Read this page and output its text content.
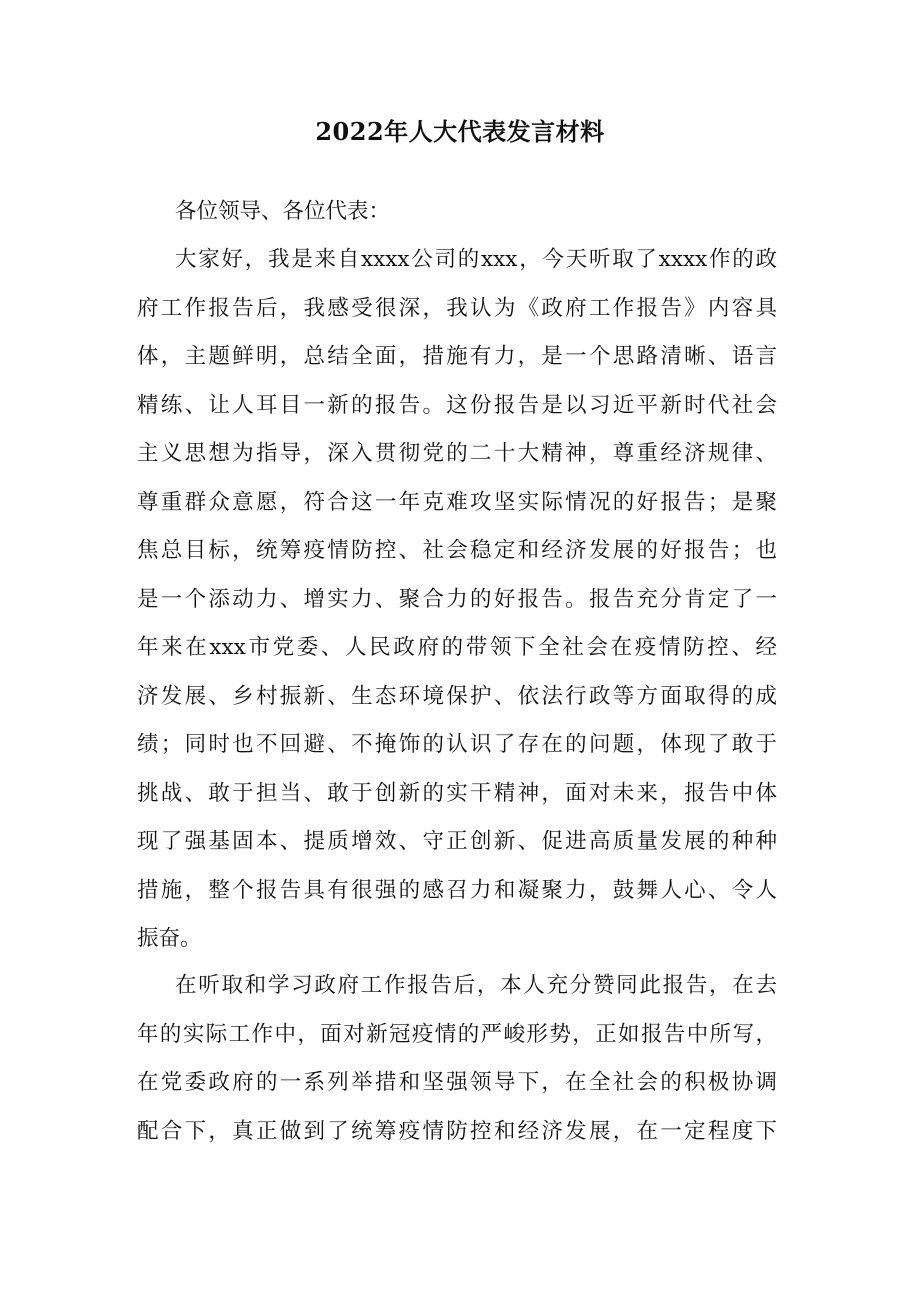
2022年人大代表发言材料
各位领导、各位代表：
大家好，我是来自xxxx公司的xxx，今天听取了xxxx作的政
府工作报告后，我感受很深，我认为《政府工作报告》内容具
体，主题鲜明，总结全面，措施有力，是一个思路清晰、语言
精练、让人耳目一新的报告。这份报告是以习近平新时代社会
主义思想为指导，深入贯彻党的二十大精神，尊重经济规律、
尊重群众意愿，符合这一年克难攻坚实际情况的好报告；是聚
焦总目标，统筹疫情防控、社会稳定和经济发展的好报告；也
是一个添动力、增实力、聚合力的好报告。报告充分肯定了一
年来在xxx市党委、人民政府的带领下全社会在疫情防控、经
济发展、乡村振新、生态环境保护、依法行政等方面取得的成
绩；同时也不回避、不掩饰的认识了存在的问题，体现了敢于
挑战、敢于担当、敢于创新的实干精神，面对未来，报告中体
现了强基固本、提质增效、守正创新、促进高质量发展的种种
措施，整个报告具有很强的感召力和凝聚力，鼓舞人心、令人
振奋。
在听取和学习政府工作报告后，本人充分赞同此报告，在去
年的实际工作中，面对新冠疫情的严峻形势，正如报告中所写，
在党委政府的一系列举措和坚强领导下，在全社会的积极协调
配合下，真正做到了统筹疫情防控和经济发展，在一定程度下
